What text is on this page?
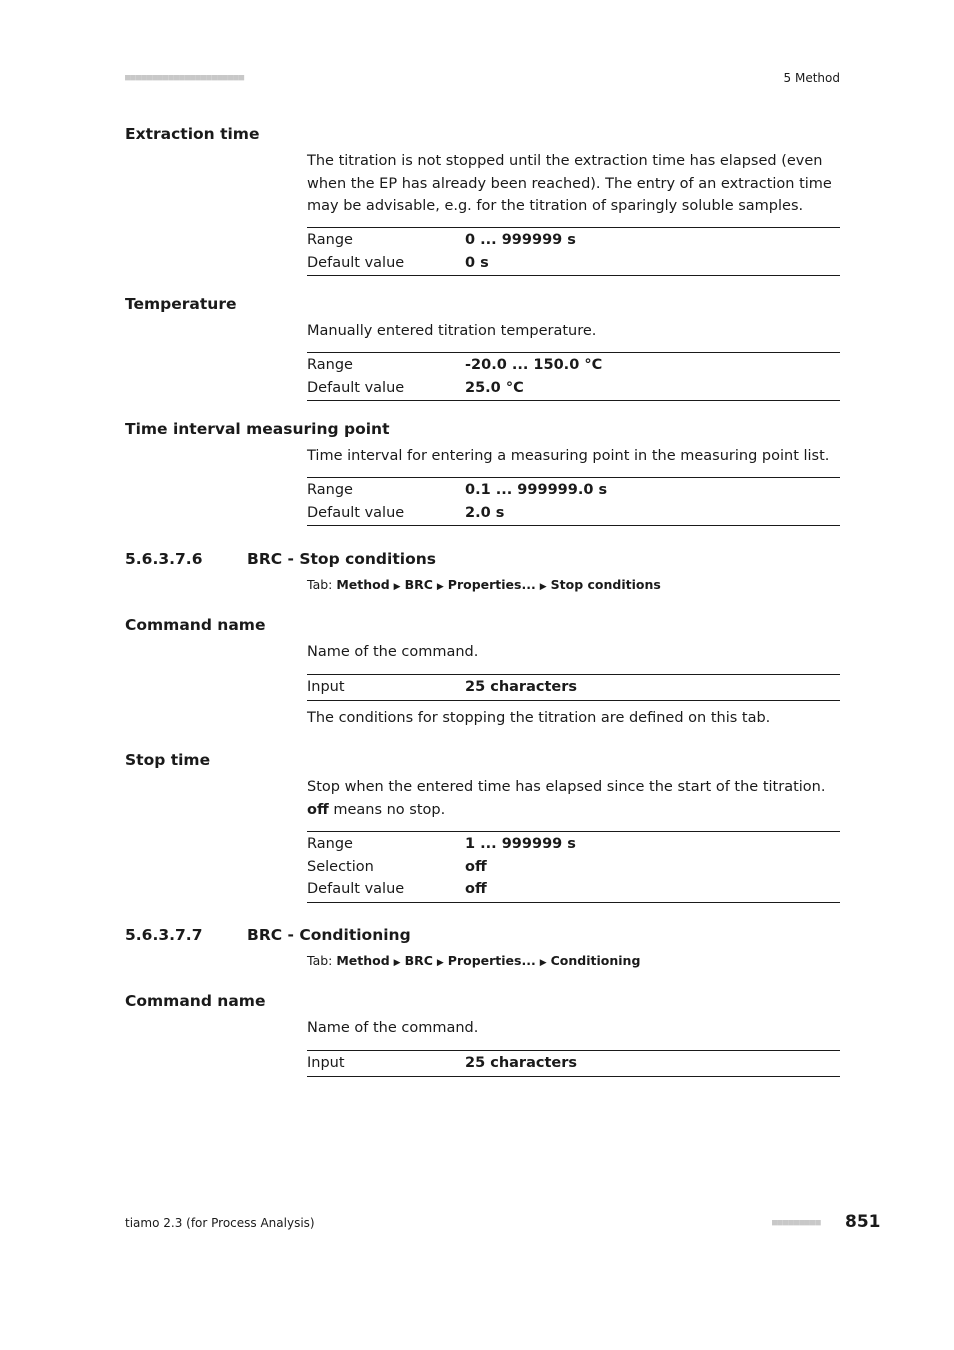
■■■■■■■■■■■■■■■■■■■■■■	5 Method
Extraction time
The titration is not stopped until the extraction time has elapsed (even when the EP has already been reached). The entry of an extraction time may be advisable, e.g. for the titration of sparingly soluble samples.
Range	0 ... 999999 s
Default value	0 s
Temperature
Manually entered titration temperature.
Range	-20.0 ... 150.0 °C
Default value	25.0 °C
Time interval measuring point
Time interval for entering a measuring point in the measuring point list.
Range	0.1 ... 999999.0 s
Default value	2.0 s
5.6.3.7.6	BRC - Stop conditions
Tab: Method ▶ BRC ▶ Properties... ▶ Stop conditions
Command name
Name of the command.
Input	25 characters
The conditions for stopping the titration are defined on this tab.
Stop time
Stop when the entered time has elapsed since the start of the titration.
off means no stop.
Range	1 ... 999999 s
Selection	off
Default value	off
5.6.3.7.7	BRC - Conditioning
Tab: Method ▶ BRC ▶ Properties... ▶ Conditioning
Command name
Name of the command.
Input	25 characters
tiamo 2.3 (for Process Analysis)	■■■■■■■■■ 851
